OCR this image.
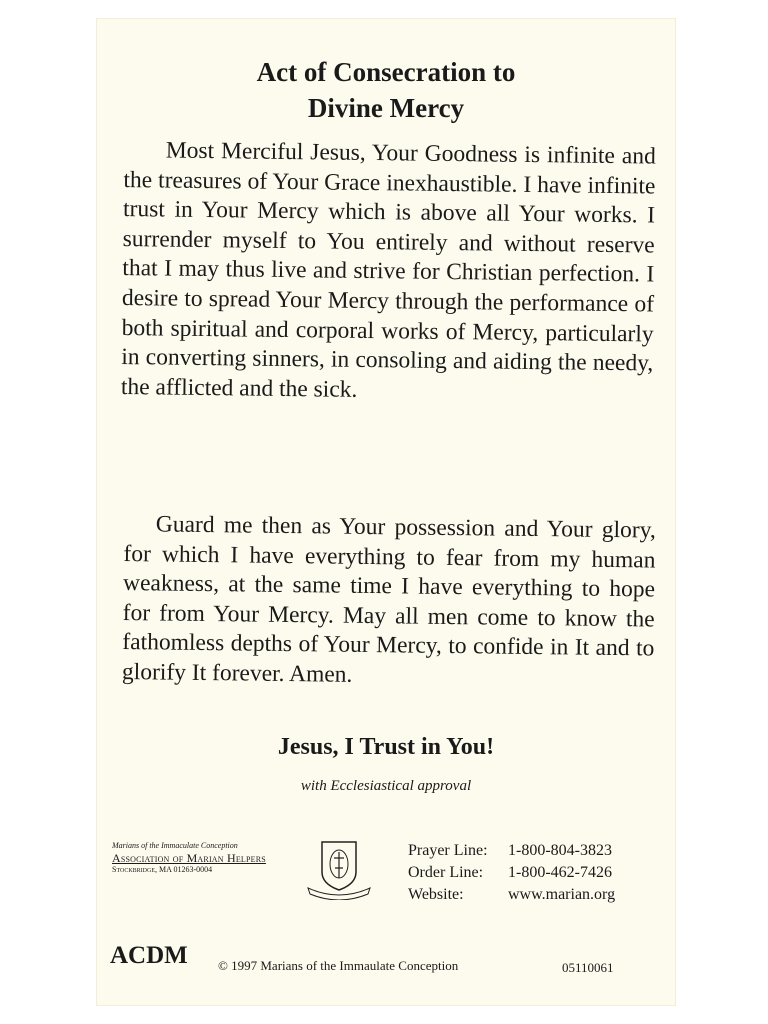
Act of Consecration to
Divine Mercy
Most Merciful Jesus, Your Goodness is infinite and the treasures of Your Grace inexhaustible. I have infinite trust in Your Mercy which is above all Your works. I surrender myself to You entirely and without reserve that I may thus live and strive for Christian perfection. I desire to spread Your Mercy through the performance of both spiritual and corporal works of Mercy, particularly in converting sinners, in consoling and aiding the needy, the afflicted and the sick.
Guard me then as Your possession and Your glory, for which I have everything to fear from my human weakness, at the same time I have everything to hope for from Your Mercy. May all men come to know the fathomless depths of Your Mercy, to confide in It and to glorify It forever. Amen.
Jesus, I Trust in You!
with Ecclesiastical approval
Marians of the Immaculate Conception
Association of Marian Helpers
Stockbridge, MA 01263-0004
Prayer Line:	1-800-804-3823
Order Line:	1-800-462-7426
Website:	www.marian.org
ACDM © 1997 Marians of the Immaulate Conception	05110061
